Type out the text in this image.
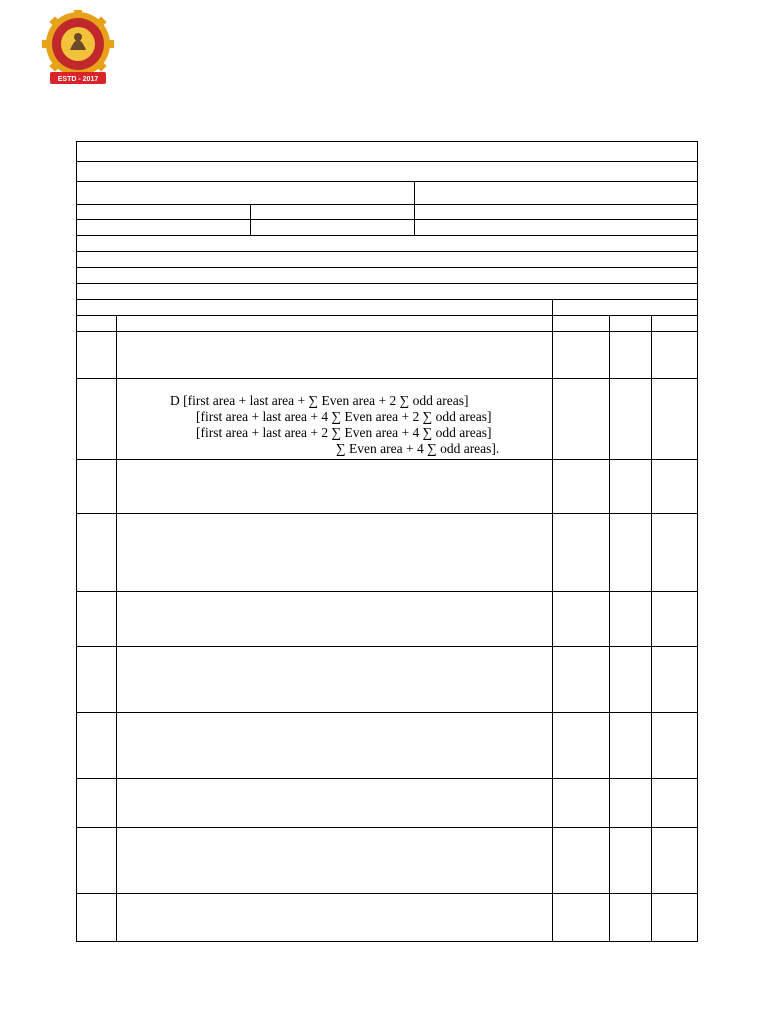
ESTD - 2017
D [first area + last area + ∑ Even area + 2 ∑ odd areas]
[first area + last area + 4 ∑ Even area + 2 ∑ odd areas]
[first area + last area + 2 ∑ Even area + 4 ∑ odd areas]
∑ Even area + 4 ∑ odd areas].
